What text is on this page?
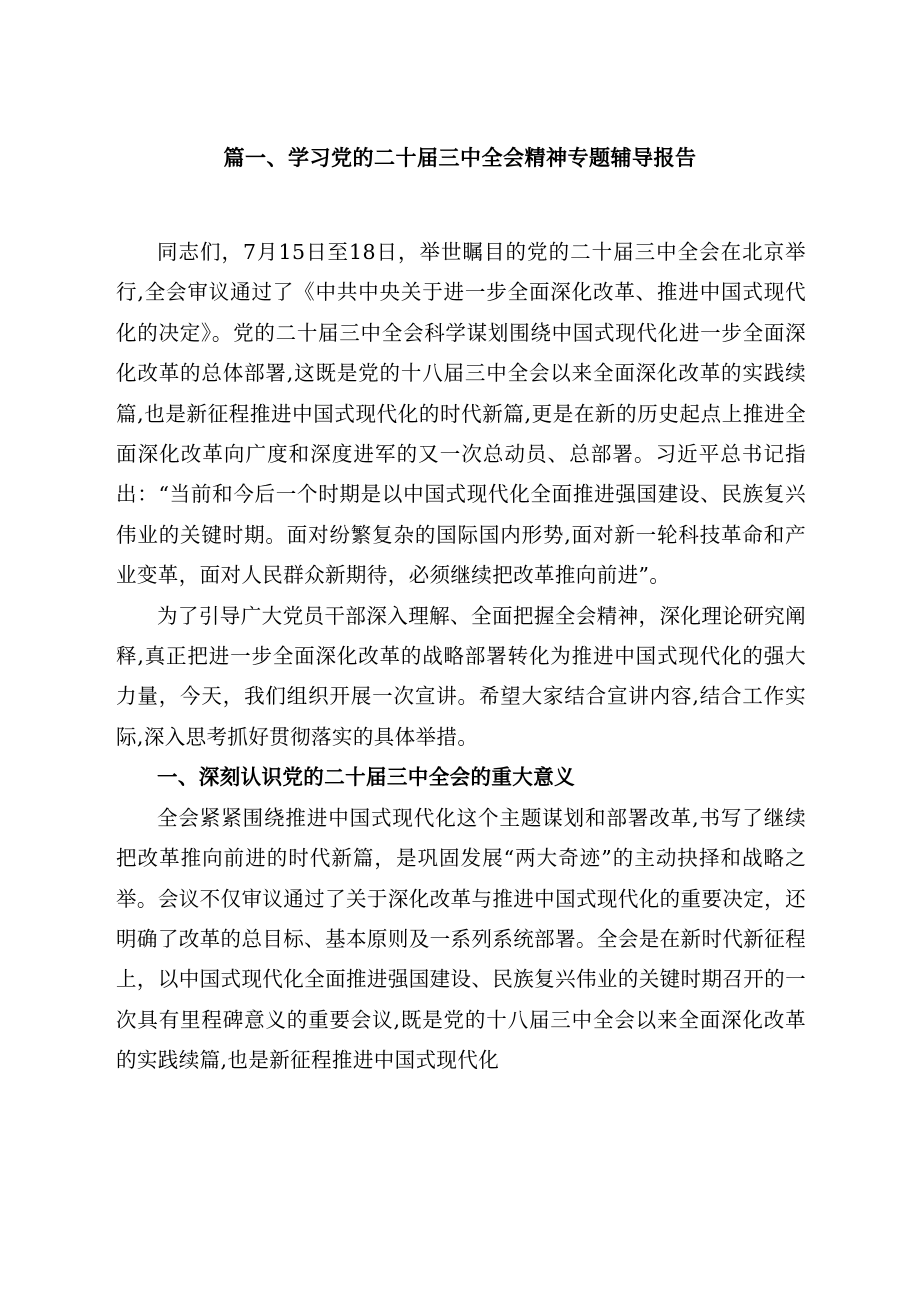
篇一、学习党的二十届三中全会精神专题辅导报告

同志们，7月15日至18日，举世瞩目的党的二十届三中全会在北京举行,全会审议通过了《中共中央关于进一步全面深化改革、推进中国式现代化的决定》。党的二十届三中全会科学谋划围绕中国式现代化进一步全面深化改革的总体部署,这既是党的十八届三中全会以来全面深化改革的实践续篇,也是新征程推进中国式现代化的时代新篇,更是在新的历史起点上推进全面深化改革向广度和深度进军的又一次总动员、总部署。习近平总书记指出：“当前和今后一个时期是以中国式现代化全面推进强国建设、民族复兴伟业的关键时期。面对纷繁复杂的国际国内形势,面对新一轮科技革命和产业变革，面对人民群众新期待，必须继续把改革推向前进”。

为了引导广大党员干部深入理解、全面把握全会精神，深化理论研究阐释,真正把进一步全面深化改革的战略部署转化为推进中国式现代化的强大力量，今天，我们组织开展一次宣讲。希望大家结合宣讲内容,结合工作实际,深入思考抓好贯彻落实的具体举措。

一、深刻认识党的二十届三中全会的重大意义

全会紧紧围绕推进中国式现代化这个主题谋划和部署改革,书写了继续把改革推向前进的时代新篇，是巩固发展“两大奇迹”的主动抉择和战略之举。会议不仅审议通过了关于深化改革与推进中国式现代化的重要决定，还明确了改革的总目标、基本原则及一系列系统部署。全会是在新时代新征程上，以中国式现代化全面推进强国建设、民族复兴伟业的关键时期召开的一次具有里程碑意义的重要会议,既是党的十八届三中全会以来全面深化改革的实践续篇,也是新征程推进中国式现代化
